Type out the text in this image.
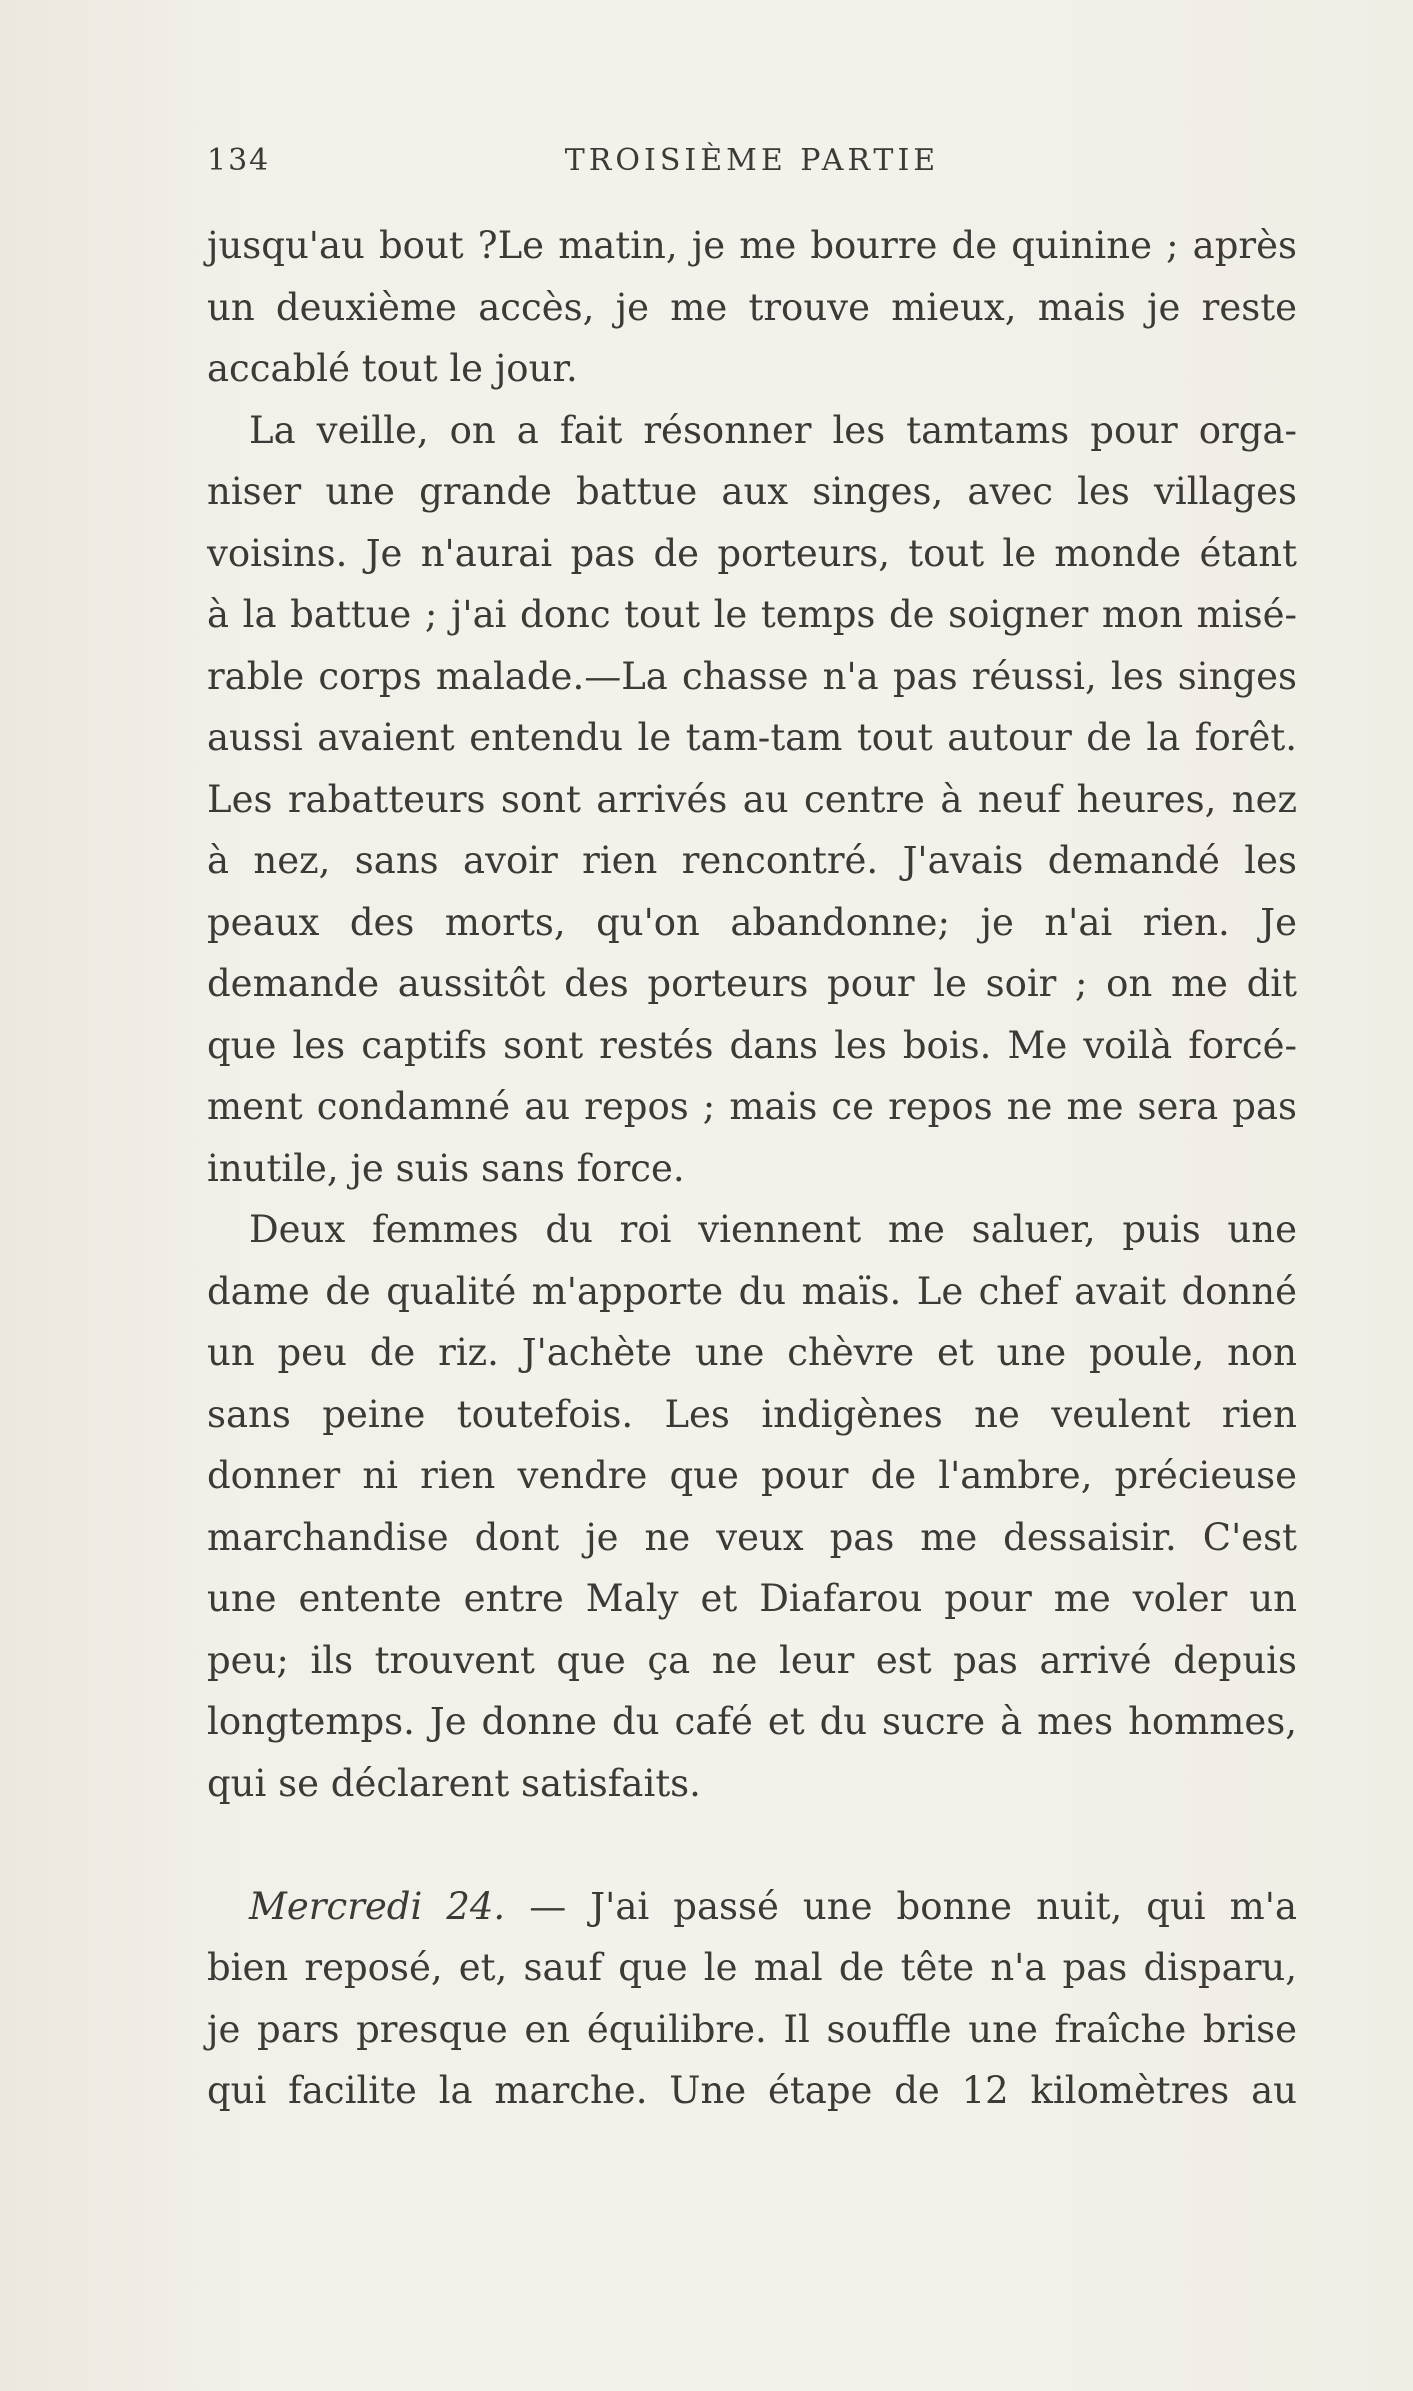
134	TROISIÈME PARTIE
jusqu'au bout ?Le matin, je me bourre de quinine ; après
un deuxième accès, je me trouve mieux, mais je reste
accablé tout le jour.
La veille, on a fait résonner les tamtams pour orga-
niser une grande battue aux singes, avec les villages
voisins. Je n'aurai pas de porteurs, tout le monde étant
à la battue ; j'ai donc tout le temps de soigner mon misé-
rable corps malade.—La chasse n'a pas réussi, les singes
aussi avaient entendu le tam-tam tout autour de la forêt.
Les rabatteurs sont arrivés au centre à neuf heures, nez
à nez, sans avoir rien rencontré. J'avais demandé les
peaux des morts, qu'on abandonne; je n'ai rien. Je
demande aussitôt des porteurs pour le soir ; on me dit
que les captifs sont restés dans les bois. Me voilà forcé-
ment condamné au repos ; mais ce repos ne me sera pas
inutile, je suis sans force.
Deux femmes du roi viennent me saluer, puis une
dame de qualité m'apporte du maïs. Le chef avait donné
un peu de riz. J'achète une chèvre et une poule, non
sans peine toutefois. Les indigènes ne veulent rien
donner ni rien vendre que pour de l'ambre, précieuse
marchandise dont je ne veux pas me dessaisir. C'est
une entente entre Maly et Diafarou pour me voler un
peu; ils trouvent que ça ne leur est pas arrivé depuis
longtemps. Je donne du café et du sucre à mes hommes,
qui se déclarent satisfaits.
Mercredi 24. — J'ai passé une bonne nuit, qui m'a
bien reposé, et, sauf que le mal de tête n'a pas disparu,
je pars presque en équilibre. Il souffle une fraîche brise
qui facilite la marche. Une étape de 12 kilomètres au
